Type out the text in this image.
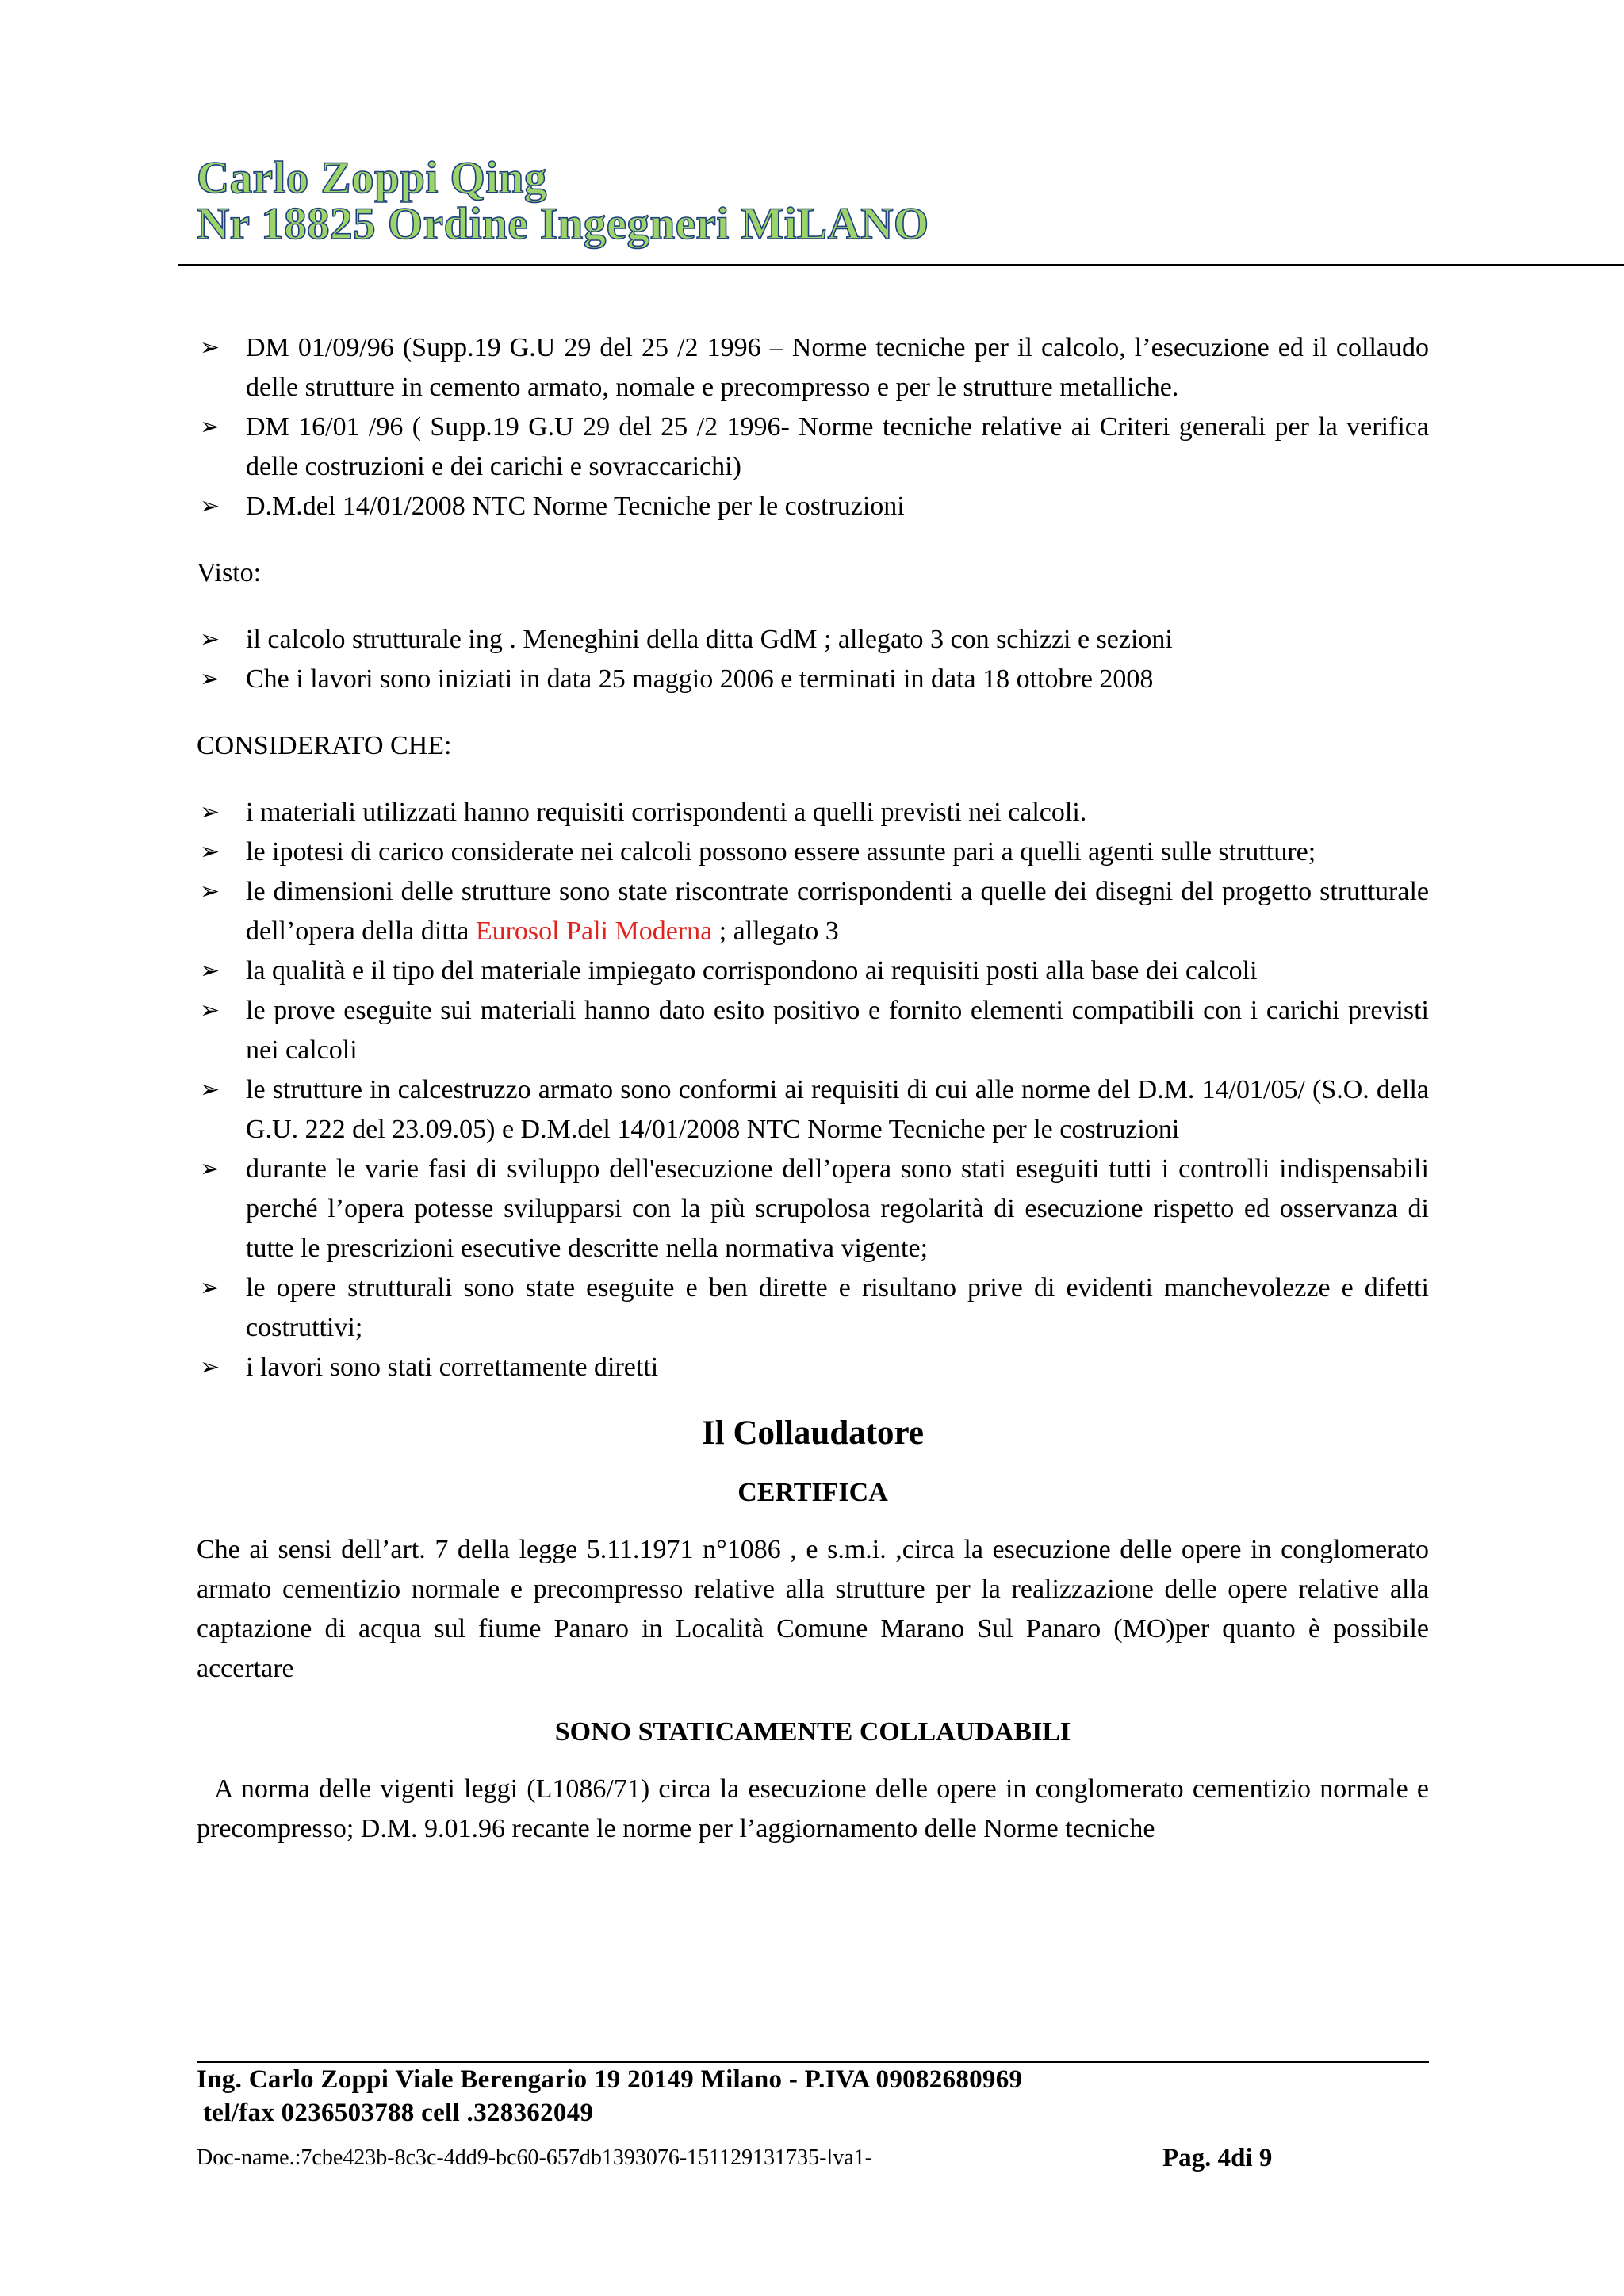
Carlo Zoppi Qing
Nr 18825 Ordine Ingegneri MiLANO
➢ DM 01/09/96 (Supp.19 G.U 29 del 25 /2 1996 – Norme tecniche per il calcolo, l’esecuzione ed il collaudo delle strutture in cemento armato, nomale e precompresso e per le strutture metalliche.
➢ DM 16/01 /96 ( Supp.19 G.U 29 del 25 /2 1996- Norme tecniche relative ai Criteri generali per la verifica delle costruzioni e dei carichi e sovraccarichi)
➢ D.M.del 14/01/2008 NTC Norme Tecniche per le costruzioni
Visto:
➢ il calcolo strutturale ing . Meneghini della ditta GdM ; allegato 3 con schizzi e sezioni
➢ Che i lavori sono iniziati in data 25 maggio 2006 e terminati in data 18 ottobre 2008
CONSIDERATO CHE:
➢ i materiali utilizzati hanno requisiti corrispondenti a quelli previsti nei calcoli.
➢ le ipotesi di carico considerate nei calcoli possono essere assunte pari a quelli agenti sulle strutture;
➢ le dimensioni delle strutture sono state riscontrate corrispondenti a quelle dei disegni del progetto strutturale dell’opera della ditta Eurosol Pali Moderna ; allegato 3
➢ la qualità e il tipo del materiale impiegato corrispondono ai requisiti posti alla base dei calcoli
➢ le prove eseguite sui materiali hanno dato esito positivo e fornito elementi compatibili con i carichi previsti nei calcoli
➢ le strutture in calcestruzzo armato sono conformi ai requisiti di cui alle norme del D.M. 14/01/05/ (S.O. della G.U. 222 del 23.09.05) e D.M.del 14/01/2008 NTC Norme Tecniche per le costruzioni
➢ durante le varie fasi di sviluppo dell'esecuzione dell’opera sono stati eseguiti tutti i controlli indispensabili perché l’opera potesse svilupparsi con la più scrupolosa regolarità di esecuzione rispetto ed osservanza di tutte le prescrizioni esecutive descritte nella normativa vigente;
➢ le opere strutturali sono state eseguite e ben dirette e risultano prive di evidenti manchevolezze e difetti costruttivi;
➢ i lavori sono stati correttamente diretti
Il Collaudatore
CERTIFICA
Che ai sensi dell’art. 7 della legge 5.11.1971 n°1086 , e s.m.i. ,circa la esecuzione delle opere in conglomerato armato cementizio normale e precompresso relative alla strutture per la realizzazione delle opere relative alla captazione di acqua sul fiume Panaro in Località Comune Marano Sul Panaro (MO)per quanto è possibile accertare
SONO STATICAMENTE COLLAUDABILI
A norma delle vigenti leggi (L1086/71) circa la esecuzione delle opere in conglomerato cementizio normale e precompresso; D.M. 9.01.96 recante le norme per l’aggiornamento delle Norme tecniche
Ing. Carlo Zoppi Viale Berengario 19 20149 Milano - P.IVA 09082680969
tel/fax 0236503788 cell .328362049
Doc-name.:7cbe423b-8c3c-4dd9-bc60-657db1393076-151129131735-lva1-	Pag. 4di 9
